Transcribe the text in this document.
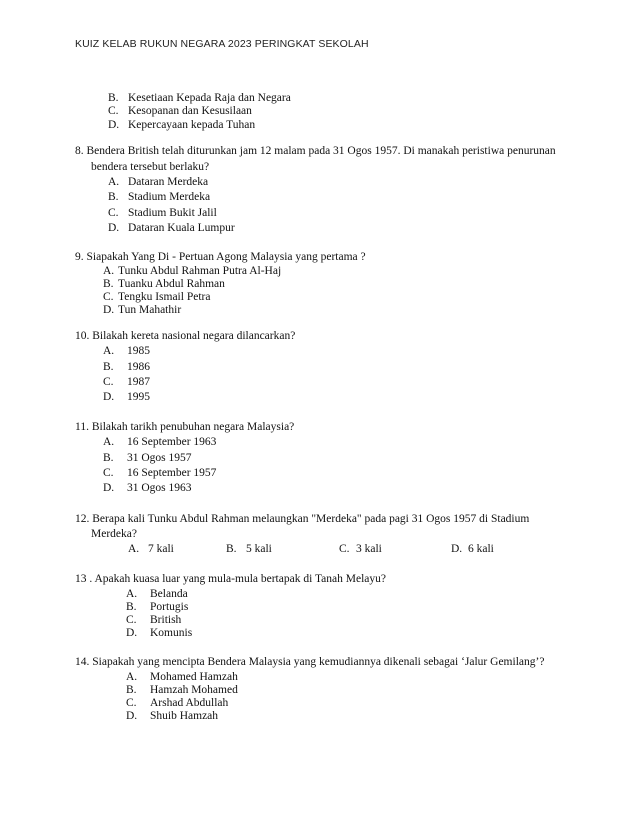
KUIZ KELAB RUKUN NEGARA 2023 PERINGKAT SEKOLAH
B. Kesetiaan Kepada Raja dan Negara
C. Kesopanan dan Kesusilaan
D. Kepercayaan kepada Tuhan
8. Bendera British telah diturunkan jam 12 malam pada 31 Ogos 1957. Di manakah peristiwa penurunan
bendera tersebut berlaku?
A. Dataran Merdeka
B. Stadium Merdeka
C. Stadium Bukit Jalil
D. Dataran Kuala Lumpur
9. Siapakah Yang Di - Pertuan Agong Malaysia yang pertama ?
A. Tunku Abdul Rahman Putra Al-Haj
B. Tuanku Abdul Rahman
C. Tengku Ismail Petra
D. Tun Mahathir
10. Bilakah kereta nasional negara dilancarkan?
A. 1985
B. 1986
C. 1987
D. 1995
11. Bilakah tarikh penubuhan negara Malaysia?
A. 16 September 1963
B. 31 Ogos 1957
C. 16 September 1957
D. 31 Ogos 1963
12. Berapa kali Tunku Abdul Rahman melaungkan "Merdeka" pada pagi 31 Ogos 1957 di Stadium
Merdeka?
A. 7 kali	B. 5 kali	C. 3 kali	D. 6 kali
13 . Apakah kuasa luar yang mula-mula bertapak di Tanah Melayu?
A. Belanda
B. Portugis
C. British
D. Komunis
14. Siapakah yang mencipta Bendera Malaysia yang kemudiannya dikenali sebagai ‘Jalur Gemilang’?
A. Mohamed Hamzah
B. Hamzah Mohamed
C. Arshad Abdullah
D. Shuib Hamzah
